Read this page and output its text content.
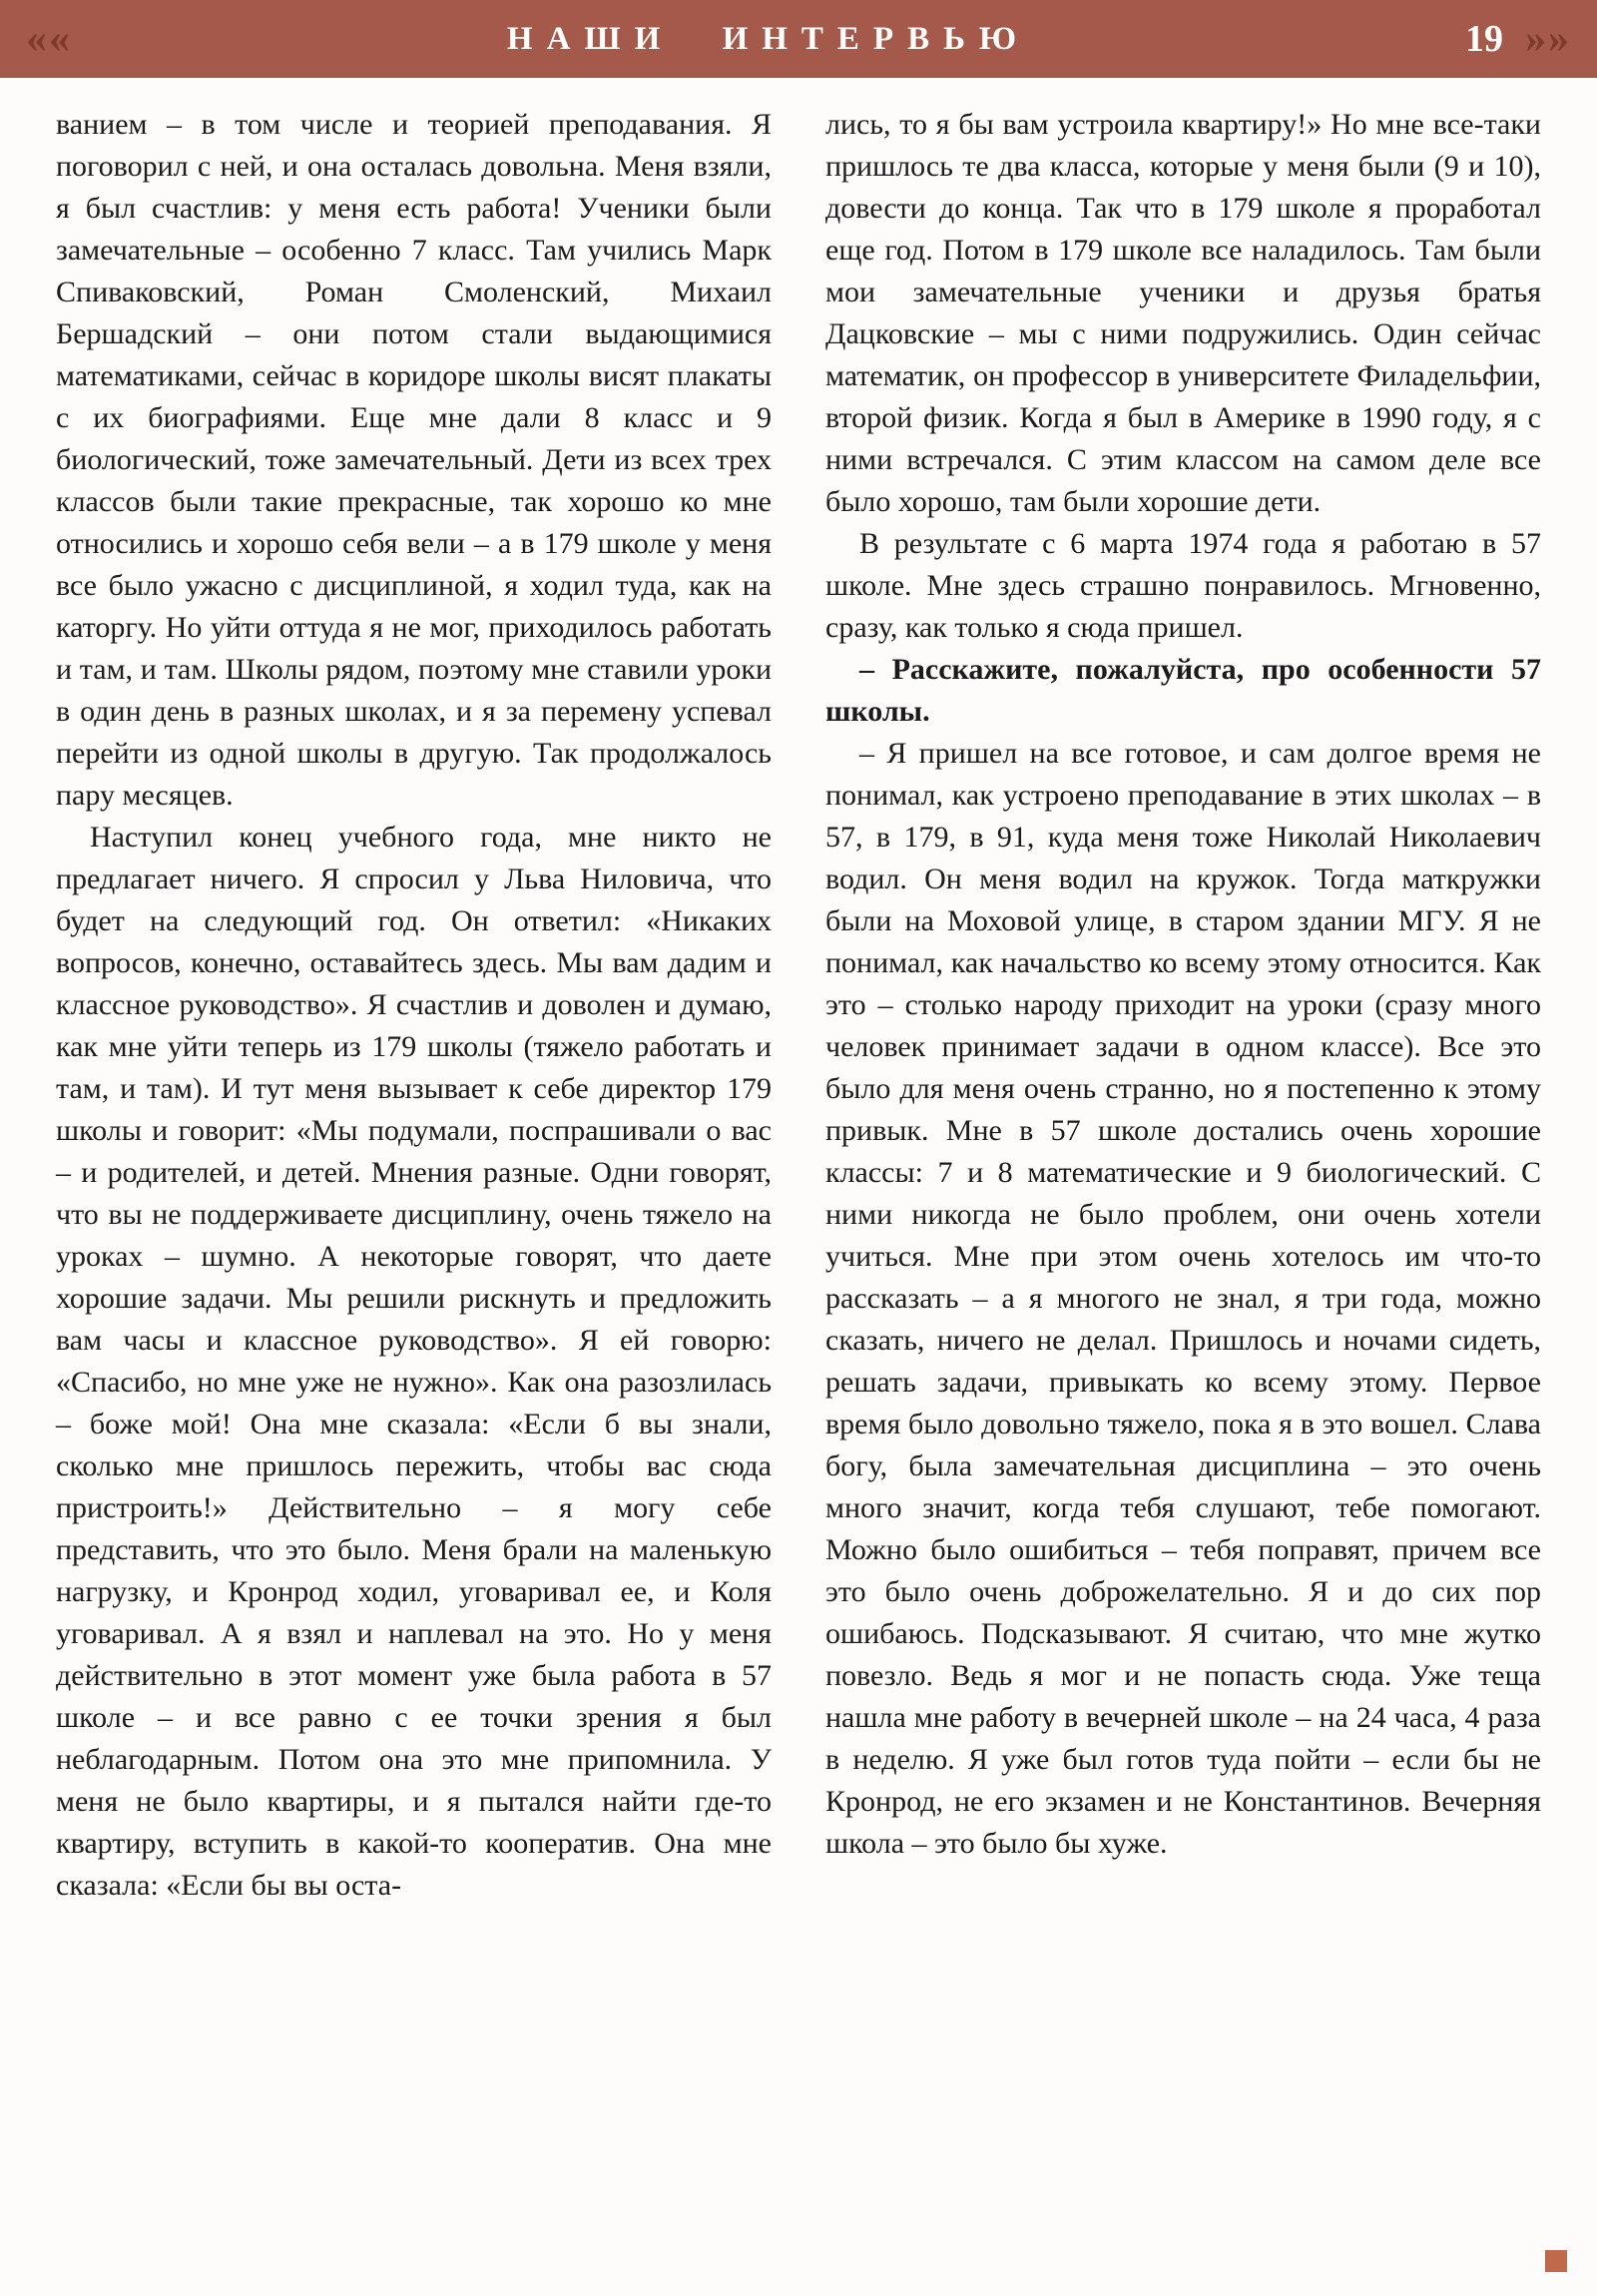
««	НАШИ ИНТЕРВЬЮ	19 »»

ванием – в том числе и теорией преподавания. Я поговорил с ней, и она осталась довольна. Меня взяли, я был счастлив: у меня есть работа! Ученики были замечательные – особенно 7 класс. Там учились Марк Спиваковский, Роман Смоленский, Михаил Бершадский – они потом стали выдающимися математиками, сейчас в коридоре школы висят плакаты с их биографиями. Еще мне дали 8 класс и 9 биологический, тоже замечательный. Дети из всех трех классов были такие прекрасные, так хорошо ко мне относились и хорошо себя вели – а в 179 школе у меня все было ужасно с дисциплиной, я ходил туда, как на каторгу. Но уйти оттуда я не мог, приходилось работать и там, и там. Школы рядом, поэтому мне ставили уроки в один день в разных школах, и я за перемену успевал перейти из одной школы в другую. Так продолжалось пару месяцев.

Наступил конец учебного года, мне никто не предлагает ничего. Я спросил у Льва Ниловича, что будет на следующий год. Он ответил: «Никаких вопросов, конечно, оставайтесь здесь. Мы вам дадим и классное руководство». Я счастлив и доволен и думаю, как мне уйти теперь из 179 школы (тяжело работать и там, и там). И тут меня вызывает к себе директор 179 школы и говорит: «Мы подумали, поспрашивали о вас – и родителей, и детей. Мнения разные. Одни говорят, что вы не поддерживаете дисциплину, очень тяжело на уроках – шумно. А некоторые говорят, что даете хорошие задачи. Мы решили рискнуть и предложить вам часы и классное руководство». Я ей говорю: «Спасибо, но мне уже не нужно». Как она разозлилась – боже мой! Она мне сказала: «Если б вы знали, сколько мне пришлось пережить, чтобы вас сюда пристроить!» Действительно – я могу себе представить, что это было. Меня брали на маленькую нагрузку, и Кронрод ходил, уговаривал ее, и Коля уговаривал. А я взял и наплевал на это. Но у меня действительно в этот момент уже была работа в 57 школе – и все равно с ее точки зрения я был неблагодарным. Потом она это мне припомнила. У меня не было квартиры, и я пытался найти где-то квартиру, вступить в какой-то кооператив. Она мне сказала: «Если бы вы оста-

лись, то я бы вам устроила квартиру!» Но мне все-таки пришлось те два класса, которые у меня были (9 и 10), довести до конца. Так что в 179 школе я проработал еще год. Потом в 179 школе все наладилось. Там были мои замечательные ученики и друзья братья Дацковские – мы с ними подружились. Один сейчас математик, он профессор в университете Филадельфии, второй физик. Когда я был в Америке в 1990 году, я с ними встречался. С этим классом на самом деле все было хорошо, там были хорошие дети.

В результате с 6 марта 1974 года я работаю в 57 школе. Мне здесь страшно понравилось. Мгновенно, сразу, как только я сюда пришел.

– Расскажите, пожалуйста, про особенности 57 школы.

– Я пришел на все готовое, и сам долгое время не понимал, как устроено преподавание в этих школах – в 57, в 179, в 91, куда меня тоже Николай Николаевич водил. Он меня водил на кружок. Тогда маткружки были на Моховой улице, в старом здании МГУ. Я не понимал, как начальство ко всему этому относится. Как это – столько народу приходит на уроки (сразу много человек принимает задачи в одном классе). Все это было для меня очень странно, но я постепенно к этому привык. Мне в 57 школе достались очень хорошие классы: 7 и 8 математические и 9 биологический. С ними никогда не было проблем, они очень хотели учиться. Мне при этом очень хотелось им что-то рассказать – а я многого не знал, я три года, можно сказать, ничего не делал. Пришлось и ночами сидеть, решать задачи, привыкать ко всему этому. Первое время было довольно тяжело, пока я в это вошел. Слава богу, была замечательная дисциплина – это очень много значит, когда тебя слушают, тебе помогают. Можно было ошибиться – тебя поправят, причем все это было очень доброжелательно. Я и до сих пор ошибаюсь. Подсказывают. Я считаю, что мне жутко повезло. Ведь я мог и не попасть сюда. Уже теща нашла мне работу в вечерней школе – на 24 часа, 4 раза в неделю. Я уже был готов туда пойти – если бы не Кронрод, не его экзамен и не Константинов. Вечерняя школа – это было бы хуже.
